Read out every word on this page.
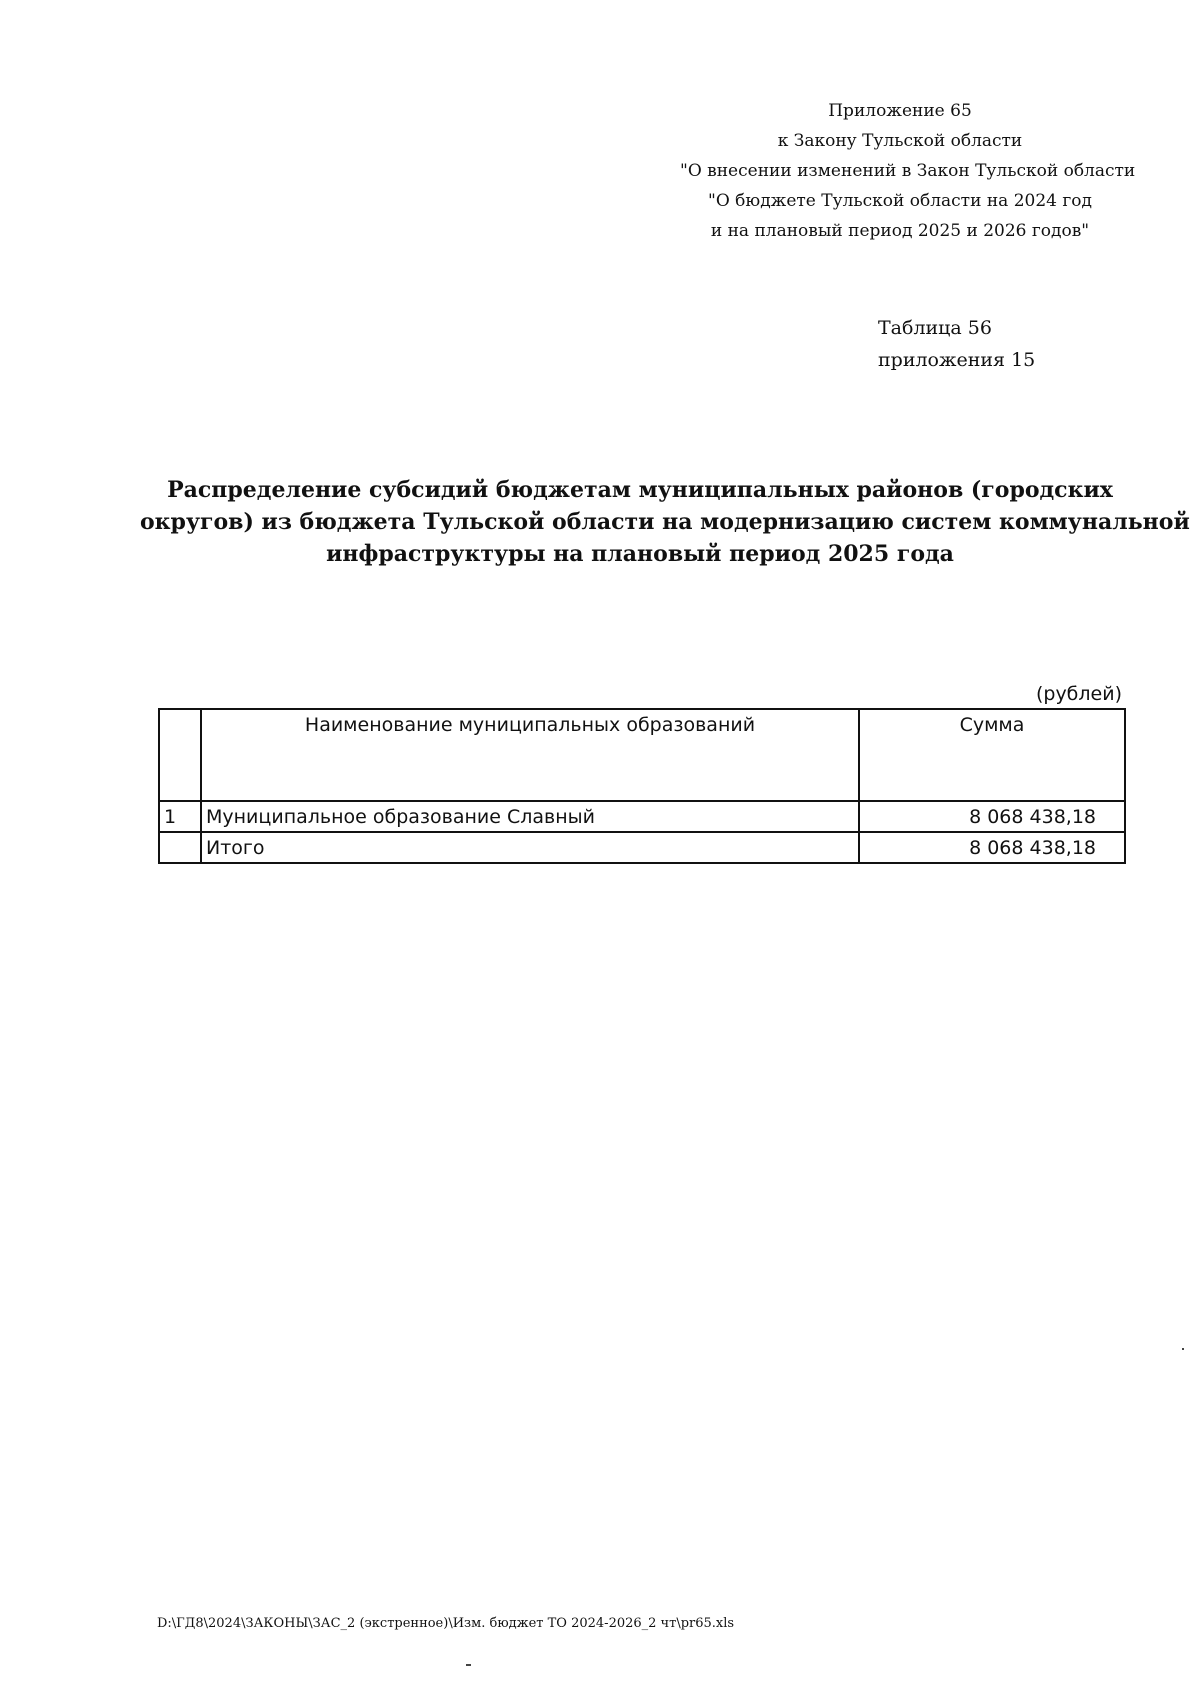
Приложение 65
к Закону Тульской области
"О внесении изменений в Закон Тульской области
"О бюджете Тульской области на 2024 год
и на плановый период 2025 и 2026 годов"
Таблица 56
приложения 15
Распределение субсидий бюджетам муниципальных районов (городских
округов) из бюджета Тульской области на модернизацию систем коммунальной
инфраструктуры на плановый период 2025 года
(рублей)
	Наименование муниципальных образований	Сумма
1	Муниципальное образование Славный	8 068 438,18
	Итого	8 068 438,18
D:\ГД8\2024\ЗАКОНЫ\ЗАС_2 (экстренное)\Изм. бюджет ТО 2024-2026_2 чт\pr65.xls
